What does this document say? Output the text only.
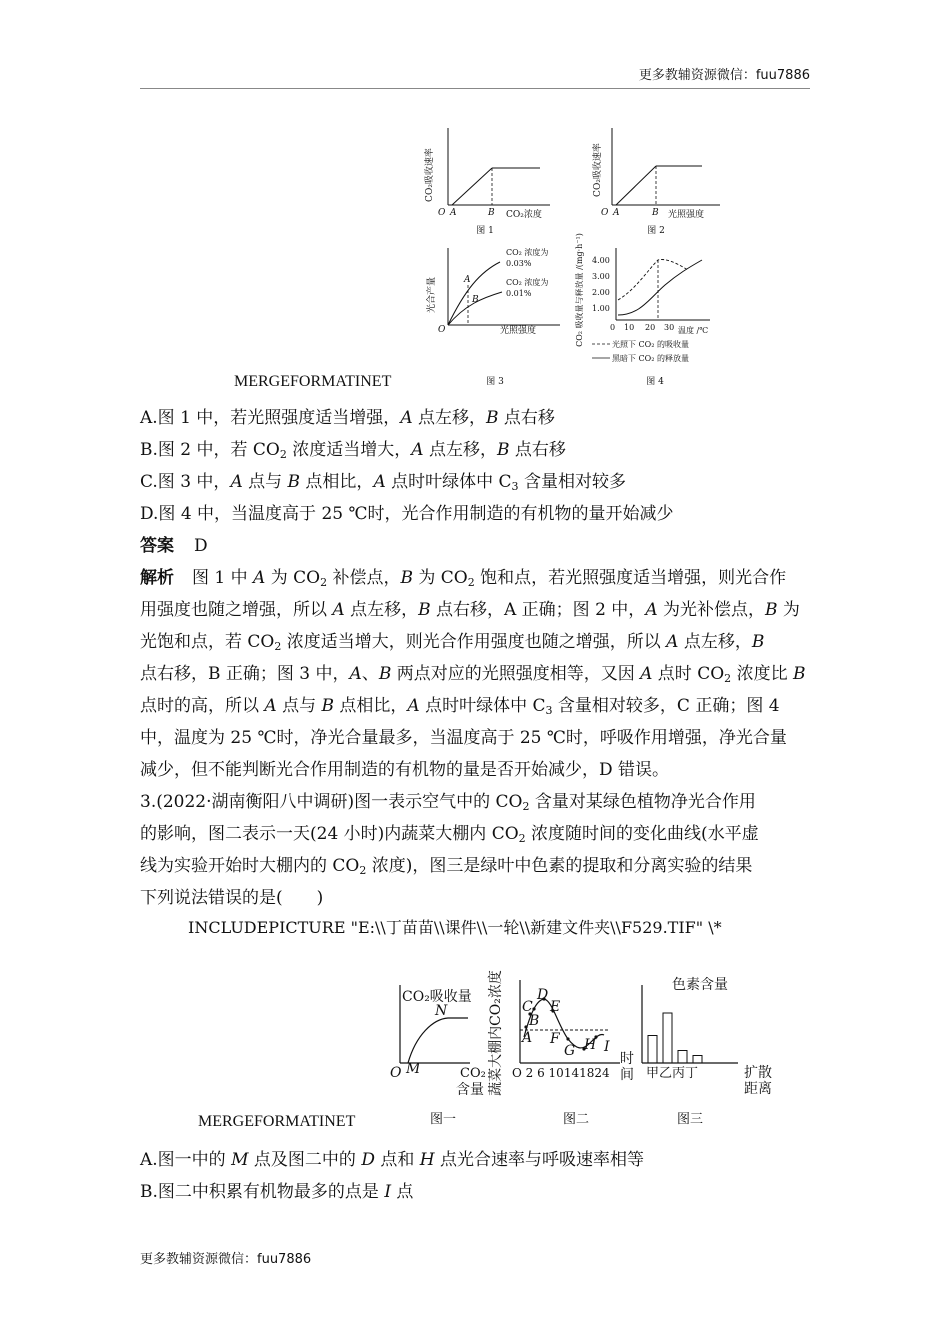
更多教辅资源微信：fuu7886
更多教辅资源微信：fuu7886
CO₂吸收速率
O A	B CO₂浓度
图 1
CO₂吸收速率
O A	B 光照强度
图 2
光合产量
CO₂ 浓度为
0.03%
CO₂ 浓度为
0.01%
A
B
O	光照强度
图 3
CO₂ 吸收量与释放量 /(mg·h⁻¹) 4.00
3.00
2.00
1.00
0 10 20 30 温度 /℃
光照下 CO₂ 的吸收量
黑暗下 CO₂ 的释放量
图 4
MERGEFORMATINET
A.图 1 中，若光照强度适当增强，A 点左移，B 点右移
B.图 2 中，若 $CO_2$ 浓度适当增大，A 点左移，B 点右移
C.图 3 中，A 点与 B 点相比，A 点时叶绿体中 $C_3$ 含量相对较多
D.图 4 中，当温度高于 25 ℃时，光合作用制造的有机物的量开始减少
答案 D
解析 图 1 中 A 为 $CO_2$ 补偿点，B 为 $CO_2$ 饱和点，若光照强度适当增强，则光合作
用强度也随之增强，所以 A 点左移，B 点右移，A 正确；图 2 中，A 为光补偿点，B 为
光饱和点，若 $CO_2$ 浓度适当增大，则光合作用强度也随之增强，所以 A 点左移，B
点右移，B 正确；图 3 中，A、B 两点对应的光照强度相等，又因 A 点时 $CO_2$ 浓度比 B
点时的高，所以 A 点与 B 点相比，A 点时叶绿体中 $C_3$ 含量相对较多，C 正确；图 4
中，温度为 25 ℃时，净光合量最多，当温度高于 25 ℃时，呼吸作用增强，净光合量
减少，但不能判断光合作用制造的有机物的量是否开始减少，D 错误。
3.(2022·湖南衡阳八中调研)图一表示空气中的 $CO_2$ 含量对某绿色植物净光合作用
的影响，图二表示一天(24 小时)内蔬菜大棚内 $CO_2$ 浓度随时间的变化曲线(水平虚
线为实验开始时大棚内的 $CO_2$ 浓度)，图三是绿叶中色素的提取和分离实验的结果
下列说法错误的是(　　)
INCLUDEPICTURE "E:\\丁苗苗\\课件\\一轮\\新建文件夹\\F529.TIF" \*
CO₂吸收量
N
O M	CO₂
含量
图一
蔬菜大棚内CO₂浓度 C
D
E
B
A F
G H I
O 2 6 10141824
时
间
图二
色素含量
甲乙丙丁	扩散
距离
图三
MERGEFORMATINET
A.图一中的 M 点及图二中的 D 点和 H 点光合速率与呼吸速率相等
B.图二中积累有机物最多的点是 I 点
